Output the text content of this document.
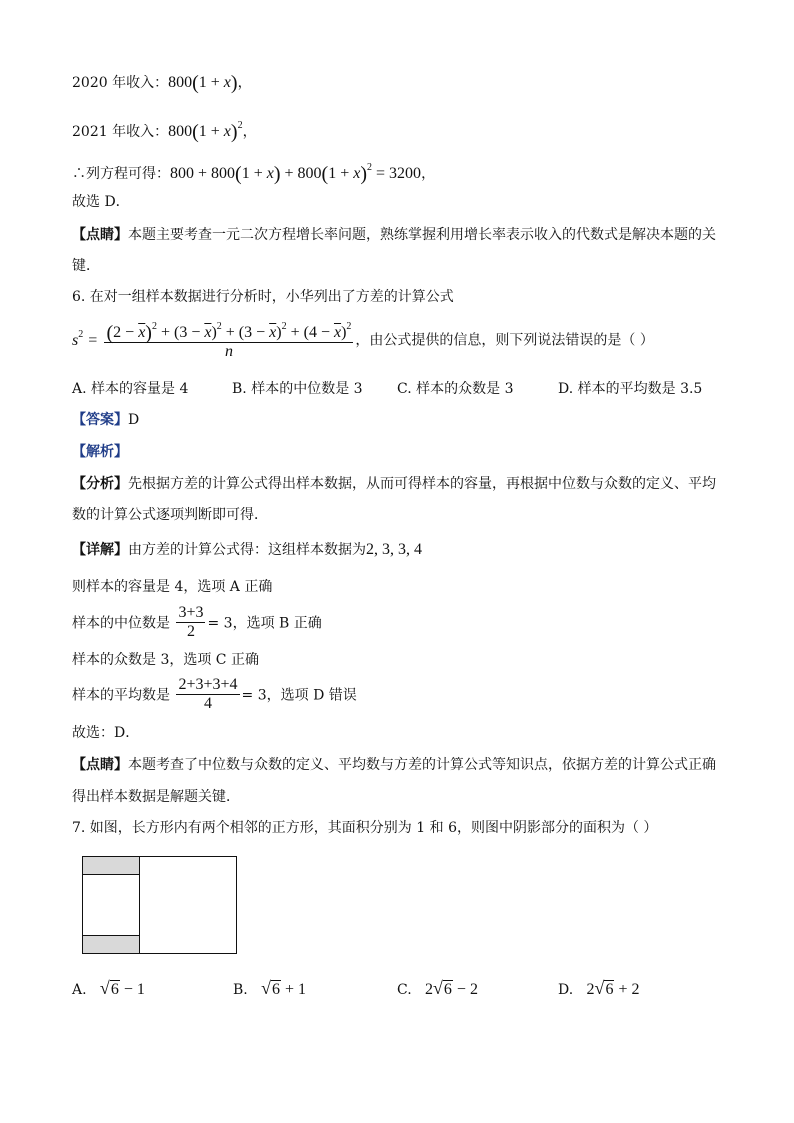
2020 年收入：800(1 + x)，
2021 年收入：$800(1 + x)^2$，
∴列方程可得：$800 + 800(1 + x) + 800(1 + x)^2 = 3200$，
故选 D．
【点睛】本题主要考查一元二次方程增长率问题，熟练掌握利用增长率表示收入的代数式是解决本题的关
键．
6. 在对一组样本数据进行分析时，小华列出了方差的计算公式
$s^2 = \frac{(2 - \overline{x})^2 + (3 - \overline{x})^2 + (3 - \overline{x})^2 + (4 - \overline{x})^2}{n}$ ，由公式提供的信息，则下列说法错误的是（ ）
A. 样本的容量是 4	B. 样本的中位数是 3 C. 样本的众数是 3	D. 样本的平均数是 3.5
【答案】D
【解析】
【分析】先根据方差的计算公式得出样本数据，从而可得样本的容量，再根据中位数与众数的定义、平均
数的计算公式逐项判断即可得．
【详解】由方差的计算公式得：这组样本数据为2, 3, 3, 4
则样本的容量是 4，选项 A 正确
样本的中位数是 $\frac{3+3}{2} = 3$，选项 B 正确
样本的众数是 3，选项 C 正确
样本的平均数是 $\frac{2+3+3+4}{4} = 3$，选项 D 错误
故选：D．
【点睛】本题考查了中位数与众数的定义、平均数与方差的计算公式等知识点，依据方差的计算公式正确
得出样本数据是解题关键．
7. 如图，长方形内有两个相邻的正方形，其面积分别为 1 和 6，则图中阴影部分的面积为（ ）
A. √6 − 1	B. √6 + 1	C. 2√6 − 2	D. 2√6 + 2
